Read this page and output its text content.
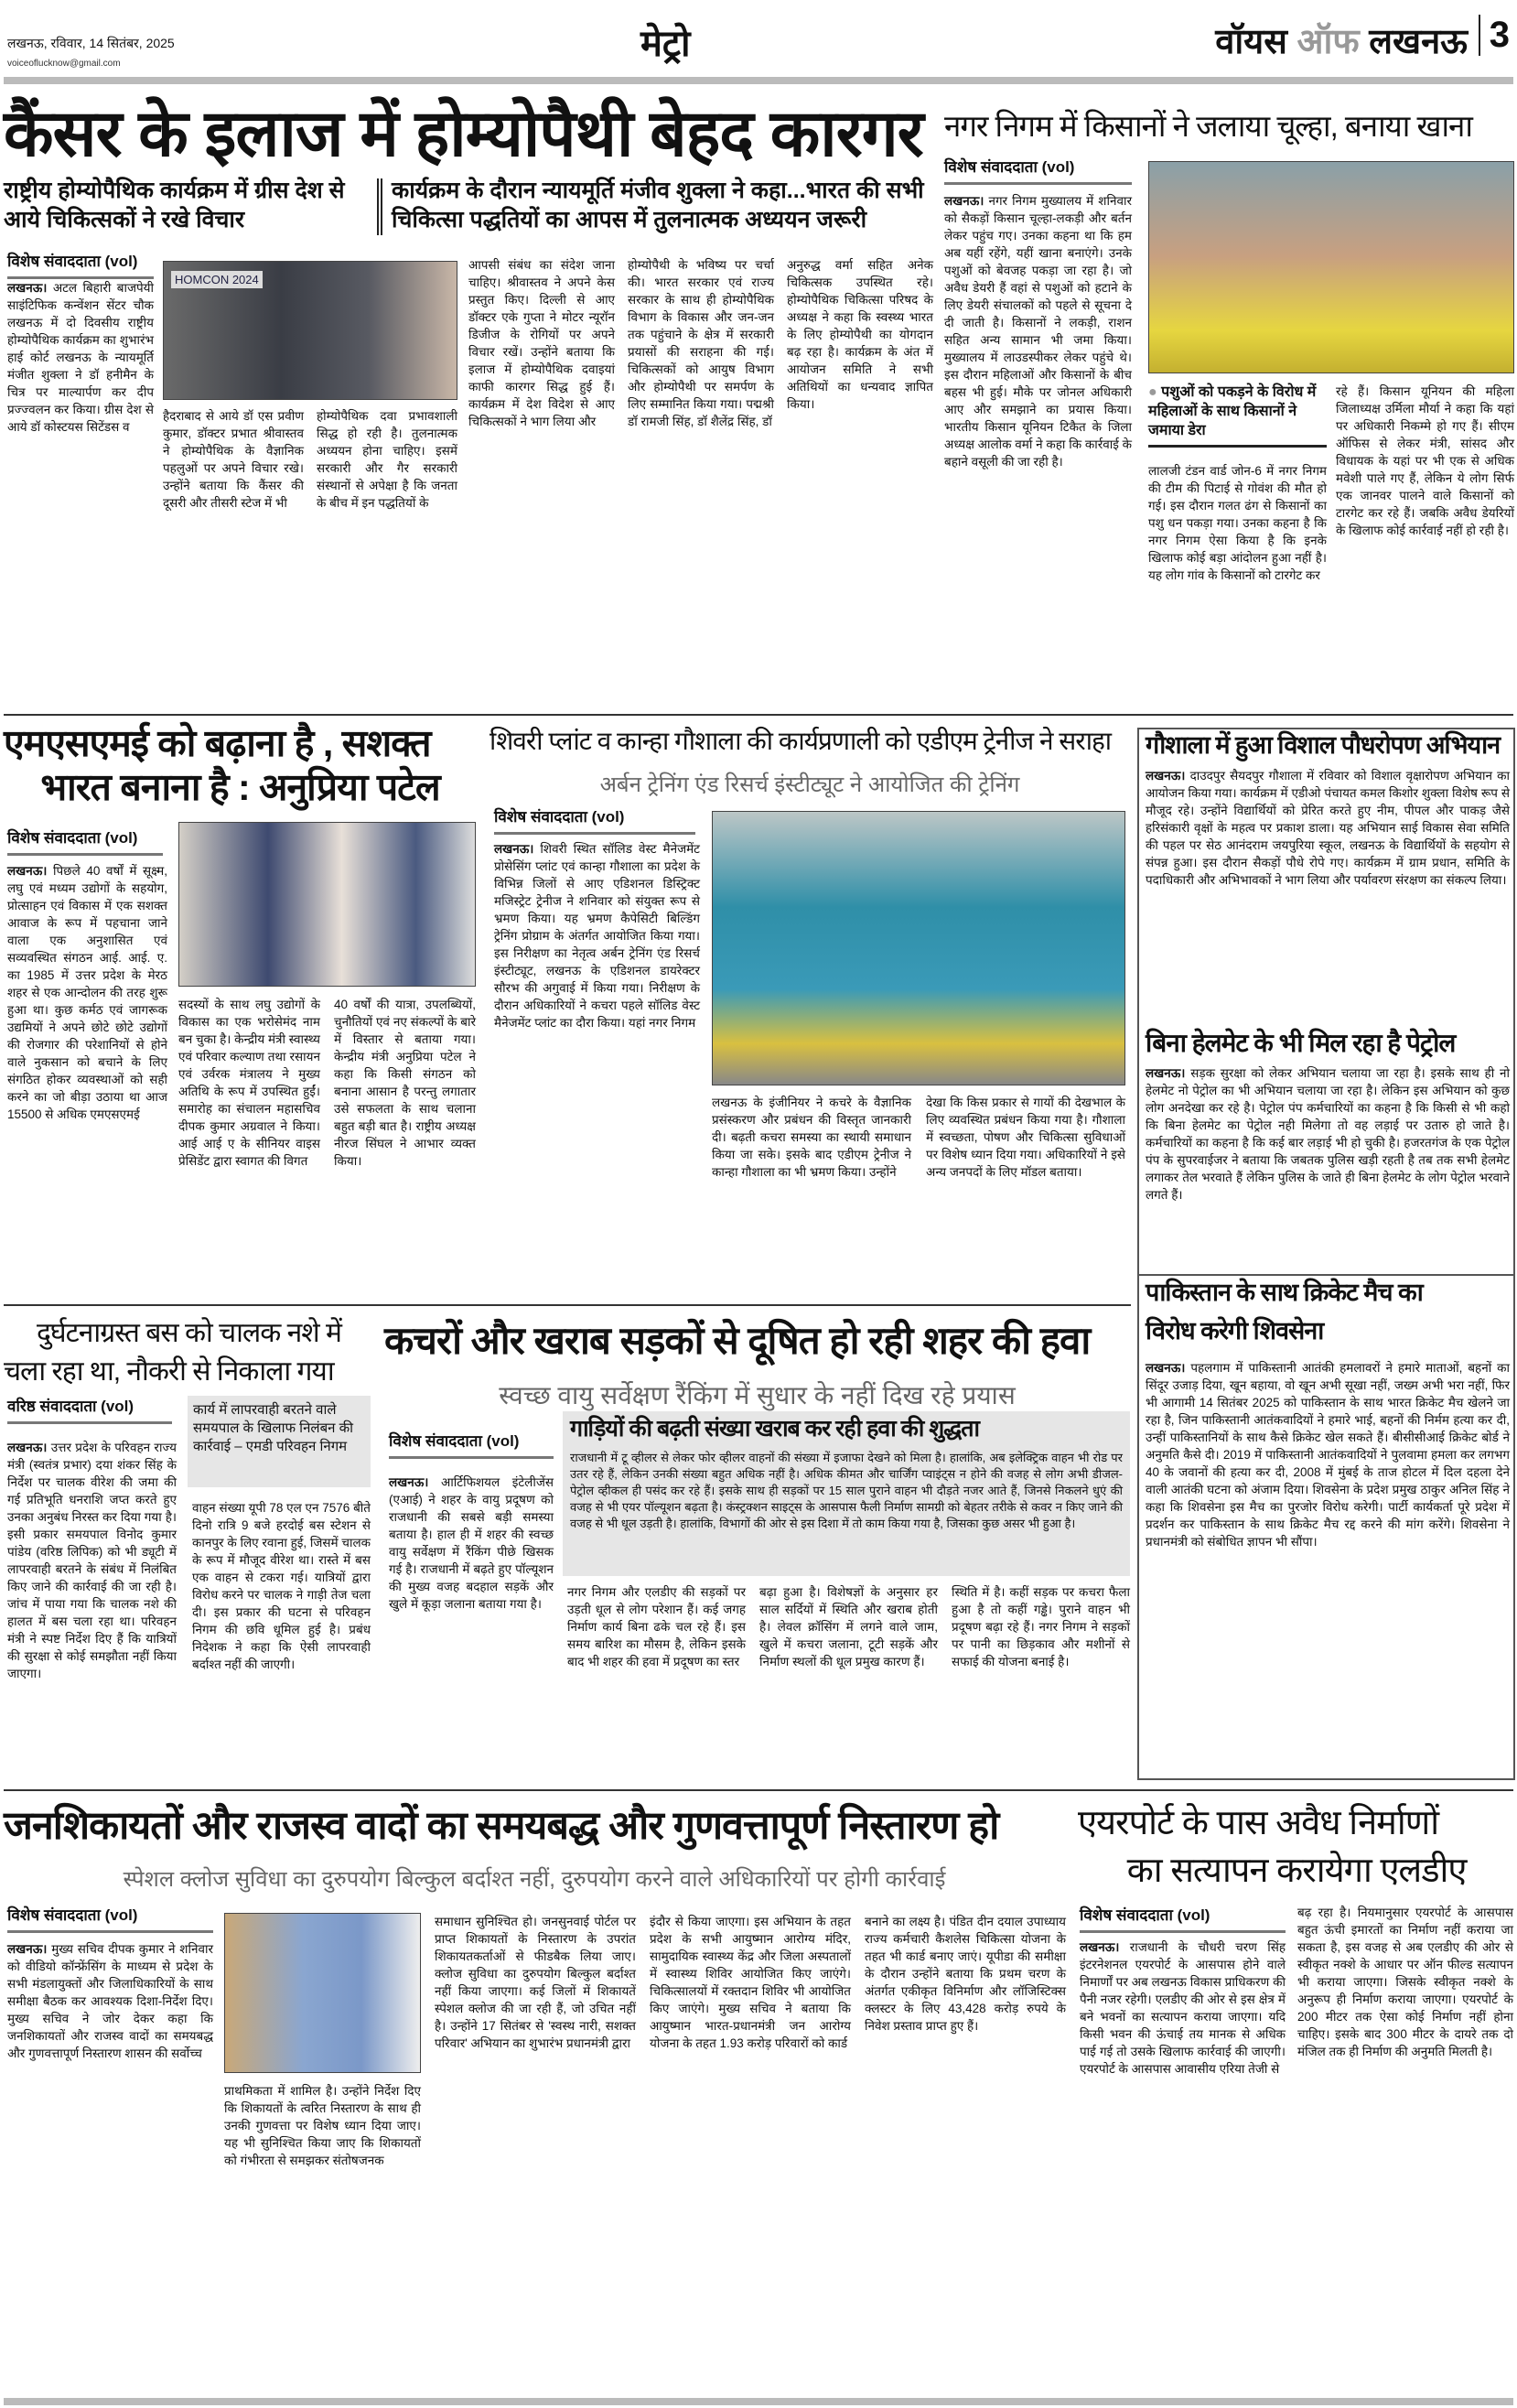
लखनऊ, रविवार, 14 सितंबर, 2025
voiceoflucknow@gmail.com	मेट्रो	वॉयस ऑफ लखनऊ 3
कैंसर के इलाज में होम्योपैथी बेहद कारगर
राष्ट्रीय होम्योपैथिक कार्यक्रम में ग्रीस देश से आये चिकित्सकों ने रखे विचार
कार्यक्रम के दौरान न्यायमूर्ति मंजीव शुक्ला ने कहा...भारत की सभी चिकित्सा पद्धतियों का आपस में तुलनात्मक अध्ययन जरूरी
विशेष संवाददाता (vol)
HOMCON 2024
लखनऊ। अटल बिहारी बाजपेयी साइंटिफिक कन्वेंशन सेंटर चौक लखनऊ में दो दिवसीय राष्ट्रीय होम्योपैथिक कार्यक्रम का शुभारंभ हाई कोर्ट लखनऊ के न्यायमूर्ति मंजीत शुक्ला ने डॉ हनीमैन के चित्र पर माल्यार्पण कर दीप प्रज्ज्वलन कर किया। ग्रीस देश से आये डॉ कोस्टयस सिटेंडस व
हैदराबाद से आये डॉ एस प्रवीण कुमार, डॉक्टर प्रभात श्रीवास्तव ने होम्योपैथिक के वैज्ञानिक पहलुओं पर अपने विचार रखे। उन्होंने बताया कि कैंसर की दूसरी और तीसरी स्टेज में भी
होम्योपैथिक दवा प्रभावशाली सिद्ध हो रही है। तुलनात्मक अध्ययन होना चाहिए। इसमें सरकारी और गैर सरकारी संस्थानों से अपेक्षा है कि जनता के बीच में इन पद्धतियों के
आपसी संबंध का संदेश जाना चाहिए। श्रीवास्तव ने अपने केस प्रस्तुत किए। दिल्ली से आए डॉक्टर एके गुप्ता ने मोटर न्यूरॉन डिजीज के रोगियों पर अपने विचार रखें। उन्होंने बताया कि इलाज में होम्योपैथिक दवाइयां काफी कारगर सिद्ध हुई हैं। कार्यक्रम में देश विदेश से आए चिकित्सकों ने भाग लिया और
होम्योपैथी के भविष्य पर चर्चा की। भारत सरकार एवं राज्य सरकार के साथ ही होम्योपैथिक विभाग के विकास और जन-जन तक पहुंचाने के क्षेत्र में सरकारी प्रयासों की सराहना की गई। चिकित्सकों को आयुष विभाग और होम्योपैथी पर समर्पण के लिए सम्मानित किया गया। पद्मश्री डॉ रामजी सिंह, डॉ शैलेंद्र सिंह, डॉ
अनुरुद्ध वर्मा सहित अनेक चिकित्सक उपस्थित रहे। होम्योपैथिक चिकित्सा परिषद के अध्यक्ष ने कहा कि स्वस्थ्य भारत के लिए होम्योपैथी का योगदान बढ़ रहा है। कार्यक्रम के अंत में आयोजन समिति ने सभी अतिथियों का धन्यवाद ज्ञापित किया।
नगर निगम में किसानों ने जलाया चूल्हा, बनाया खाना
विशेष संवाददाता (vol)
लखनऊ। नगर निगम मुख्यालय में शनिवार को सैकड़ों किसान चूल्हा-लकड़ी और बर्तन लेकर पहुंच गए। उनका कहना था कि हम अब यहीं रहेंगे, यहीं खाना बनाएंगे। उनके पशुओं को बेवजह पकड़ा जा रहा है। जो अवैध डेयरी हैं वहां से पशुओं को हटाने के लिए डेयरी संचालकों को पहले से सूचना दे दी जाती है। किसानों ने लकड़ी, राशन सहित अन्य सामान भी जमा किया। मुख्यालय में लाउडस्पीकर लेकर पहुंचे थे। इस दौरान महिलाओं और किसानों के बीच बहस भी हुई। मौके पर जोनल अधिकारी आए और समझाने का प्रयास किया। भारतीय किसान यूनियन टिकैत के जिला अध्यक्ष आलोक वर्मा ने कहा कि कार्रवाई के बहाने वसूली की जा रही है।
● पशुओं को पकड़ने के विरोध में महिलाओं के साथ किसानों ने जमाया डेरा
लालजी टंडन वार्ड जोन-6 में नगर निगम की टीम की पिटाई से गोवंश की मौत हो गई। इस दौरान गलत ढंग से किसानों का पशु धन पकड़ा गया। उनका कहना है कि नगर निगम ऐसा किया है कि इनके खिलाफ कोई बड़ा आंदोलन हुआ नहीं है। यह लोग गांव के किसानों को टारगेट कर
रहे हैं। किसान यूनियन की महिला जिलाध्यक्ष उर्मिला मौर्या ने कहा कि यहां पर अधिकारी निकम्मे हो गए हैं। सीएम ऑफिस से लेकर मंत्री, सांसद और विधायक के यहां पर भी एक से अधिक मवेशी पाले गए हैं, लेकिन ये लोग सिर्फ एक जानवर पालने वाले किसानों को टारगेट कर रहे हैं। जबकि अवैध डेयरियों के खिलाफ कोई कार्रवाई नहीं हो रही है।
एमएसएमई को बढ़ाना है , सशक्त
भारत बनाना है : अनुप्रिया पटेल
विशेष संवाददाता (vol)
लखनऊ। पिछले 40 वर्षों में सूक्ष्म, लघु एवं मध्यम उद्योगों के सहयोग, प्रोत्साहन एवं विकास में एक सशक्त आवाज के रूप में पहचाना जाने वाला एक अनुशासित एवं सव्यवस्थित संगठन आई. आई. ए. का 1985 में उत्तर प्रदेश के मेरठ शहर से एक आन्दोलन की तरह शुरू हुआ था। कुछ कर्मठ एवं जागरूक उद्यमियों ने अपने छोटे छोटे उद्योगों की रोजगार की परेशानियों से होने वाले नुकसान को बचाने के लिए संगठित होकर व्यवस्थाओं को सही करने का जो बीड़ा उठाया था आज 15500 से अधिक एमएसएमई
सदस्यों के साथ लघु उद्योगों के विकास का एक भरोसेमंद नाम बन चुका है। केन्द्रीय मंत्री स्वास्थ्य एवं परिवार कल्याण तथा रसायन एवं उर्वरक मंत्रालय ने मुख्य अतिथि के रूप में उपस्थित हुईं। समारोह का संचालन महासचिव दीपक कुमार अग्रवाल ने किया। आई आई ए के सीनियर वाइस प्रेसिडेंट द्वारा स्वागत की विगत
40 वर्षों की यात्रा, उपलब्धियों, चुनौतियों एवं नए संकल्पों के बारे में विस्तार से बताया गया। केन्द्रीय मंत्री अनुप्रिया पटेल ने कहा कि किसी संगठन को बनाना आसान है परन्तु लगातार उसे सफलता के साथ चलाना बहुत बड़ी बात है। राष्ट्रीय अध्यक्ष नीरज सिंघल ने आभार व्यक्त किया।
शिवरी प्लांट व कान्हा गौशाला की कार्यप्रणाली को एडीएम ट्रेनीज ने सराहा
अर्बन ट्रेनिंग एंड रिसर्च इंस्टीट्यूट ने आयोजित की ट्रेनिंग
विशेष संवाददाता (vol)
लखनऊ। शिवरी स्थित सॉलिड वेस्ट मैनेजमेंट प्रोसेसिंग प्लांट एवं कान्हा गौशाला का प्रदेश के विभिन्न जिलों से आए एडिशनल डिस्ट्रिक्ट मजिस्ट्रेट ट्रेनीज ने शनिवार को संयुक्त रूप से भ्रमण किया। यह भ्रमण कैपेसिटी बिल्डिंग ट्रेनिंग प्रोग्राम के अंतर्गत आयोजित किया गया। इस निरीक्षण का नेतृत्व अर्बन ट्रेनिंग एंड रिसर्च इंस्टीट्यूट, लखनऊ के एडिशनल डायरेक्टर सौरभ की अगुवाई में किया गया। निरीक्षण के दौरान अधिकारियों ने कचरा पहले सॉलिड वेस्ट मैनेजमेंट प्लांट का दौरा किया। यहां नगर निगम
लखनऊ के इंजीनियर ने कचरे के वैज्ञानिक प्रसंस्करण और प्रबंधन की विस्तृत जानकारी दी। बढ़ती कचरा समस्या का स्थायी समाधान किया जा सके। इसके बाद एडीएम ट्रेनीज ने कान्हा गौशाला का भी भ्रमण किया। उन्होंने
देखा कि किस प्रकार से गायों की देखभाल के लिए व्यवस्थित प्रबंधन किया गया है। गौशाला में स्वच्छता, पोषण और चिकित्सा सुविधाओं पर विशेष ध्यान दिया गया। अधिकारियों ने इसे अन्य जनपदों के लिए मॉडल बताया।
गौशाला में हुआ विशाल पौधरोपण अभियान
लखनऊ। दाउदपुर सैयदपुर गौशाला में रविवार को विशाल वृक्षारोपण अभियान का आयोजन किया गया। कार्यक्रम में एडीओ पंचायत कमल किशोर शुक्ला विशेष रूप से मौजूद रहे। उन्होंने विद्यार्थियों को प्रेरित करते हुए नीम, पीपल और पाकड़ जैसे हरिसंकारी वृक्षों के महत्व पर प्रकाश डाला। यह अभियान साई विकास सेवा समिति की पहल पर सेठ आनंदराम जयपुरिया स्कूल, लखनऊ के विद्यार्थियों के सहयोग से संपन्न हुआ। इस दौरान सैकड़ों पौधे रोपे गए। कार्यक्रम में ग्राम प्रधान, समिति के पदाधिकारी और अभिभावकों ने भाग लिया और पर्यावरण संरक्षण का संकल्प लिया।
बिना हेलमेट के भी मिल रहा है पेट्रोल
लखनऊ। सड़क सुरक्षा को लेकर अभियान चलाया जा रहा है। इसके साथ ही नो हेलमेट नो पेट्रोल का भी अभियान चलाया जा रहा है। लेकिन इस अभियान को कुछ लोग अनदेखा कर रहे है। पेट्रोल पंप कर्मचारियों का कहना है कि किसी से भी कहो कि बिना हेलमेट का पेट्रोल नही मिलेगा तो वह लड़ाई पर उतारु हो जाते है। कर्मचारियों का कहना है कि कई बार लड़ाई भी हो चुकी है। हजरतगंज के एक पेट्रोल पंप के सुपरवाईजर ने बताया कि जबतक पुलिस खड़ी रहती है तब तक सभी हेलमेट लगाकर तेल भरवाते हैं लेकिन पुलिस के जाते ही बिना हेलमेट के लोग पेट्रोल भरवाने लगते हैं।
पाकिस्तान के साथ क्रिकेट मैच का
विरोध करेगी शिवसेना
लखनऊ। पहलगाम में पाकिस्तानी आतंकी हमलावरों ने हमारे माताओं, बहनों का सिंदूर उजाड़ दिया, खून बहाया, वो खून अभी सूखा नहीं, जख्म अभी भरा नहीं, फिर भी आगामी 14 सितंबर 2025 को पाकिस्तान के साथ भारत क्रिकेट मैच खेलने जा रहा है, जिन पाकिस्तानी आतंकवादियों ने हमारे भाई, बहनों की निर्मम हत्या कर दी, उन्हीं पाकिस्तानियों के साथ कैसे क्रिकेट खेल सकते हैं। बीसीसीआई क्रिकेट बोर्ड ने अनुमति कैसे दी। 2019 में पाकिस्तानी आतंकवादियों ने पुलवामा हमला कर लगभग 40 के जवानों की हत्या कर दी, 2008 में मुंबई के ताज होटल में दिल दहला देने वाली आतंकी घटना को अंजाम दिया। शिवसेना के प्रदेश प्रमुख ठाकुर अनिल सिंह ने कहा कि शिवसेना इस मैच का पुरजोर विरोध करेगी। पार्टी कार्यकर्ता पूरे प्रदेश में प्रदर्शन कर पाकिस्तान के साथ क्रिकेट मैच रद्द करने की मांग करेंगे। शिवसेना ने प्रधानमंत्री को संबोधित ज्ञापन भी सौंपा।
दुर्घटनाग्रस्त बस को चालक नशे में
चला रहा था, नौकरी से निकाला गया
वरिष्ठ संवाददाता (vol)	कार्य में लापरवाही बरतने वाले समयपाल के खिलाफ निलंबन की कार्रवाई – एमडी परिवहन निगम
लखनऊ। उत्तर प्रदेश के परिवहन राज्य मंत्री (स्वतंत्र प्रभार) दया शंकर सिंह के निर्देश पर चालक वीरेश की जमा की गई प्रतिभूति धनराशि जप्त करते हुए उनका अनुबंध निरस्त कर दिया गया है। इसी प्रकार समयपाल विनोद कुमार पांडेय (वरिष्ठ लिपिक) को भी ड्यूटी में लापरवाही बरतने के संबंध में निलंबित किए जाने की कार्रवाई की जा रही है। जांच में पाया गया कि चालक नशे की हालत में बस चला रहा था। परिवहन मंत्री ने स्पष्ट निर्देश दिए हैं कि यात्रियों की सुरक्षा से कोई समझौता नहीं किया जाएगा।
वाहन संख्या यूपी 78 एल एन 7576 बीते दिनो रात्रि 9 बजे हरदोई बस स्टेशन से कानपुर के लिए रवाना हुई, जिसमें चालक के रूप में मौजूद वीरेश था। रास्ते में बस एक वाहन से टकरा गई। यात्रियों द्वारा विरोध करने पर चालक ने गाड़ी तेज चला दी। इस प्रकार की घटना से परिवहन निगम की छवि धूमिल हुई है। प्रबंध निदेशक ने कहा कि ऐसी लापरवाही बर्दाश्त नहीं की जाएगी।
कचरों और खराब सड़कों से दूषित हो रही शहर की हवा
स्वच्छ वायु सर्वेक्षण रैंकिंग में सुधार के नहीं दिख रहे प्रयास
विशेष संवाददाता (vol)	गाड़ियों की बढ़ती संख्या खराब कर रही हवा की शुद्धता
राजधानी में टू व्हीलर से लेकर फोर व्हीलर वाहनों की संख्या में इजाफा देखने को मिला है। हालांकि, अब इलेक्ट्रिक वाहन भी रोड पर उतर रहे हैं, लेकिन उनकी संख्या बहुत अधिक नहीं है। अधिक कीमत और चार्जिंग प्वाइंट्स न होने की वजह से लोग अभी डीजल-पेट्रोल व्हीकल ही पसंद कर रहे हैं। इसके साथ ही सड़कों पर 15 साल पुराने वाहन भी दौड़ते नजर आते हैं, जिनसे निकलने धुएं की वजह से भी एयर पॉल्यूशन बढ़ता है। कंस्ट्रक्शन साइट्स के आसपास फैली निर्माण सामग्री को बेहतर तरीके से कवर न किए जाने की वजह से भी धूल उड़ती है। हालांकि, विभागों की ओर से इस दिशा में तो काम किया गया है, जिसका कुछ असर भी हुआ है।
लखनऊ। आर्टिफिशयल इंटेलीजेंस (एआई) ने शहर के वायु प्रदूषण को राजधानी की सबसे बड़ी समस्या बताया है। हाल ही में शहर की स्वच्छ वायु सर्वेक्षण में रैंकिंग पीछे खिसक गई है। राजधानी में बढ़ते हुए पॉल्यूशन की मुख्य वजह बदहाल सड़कें और खुले में कूड़ा जलाना बताया गया है।
नगर निगम और एलडीए की सड़कों पर उड़ती धूल से लोग परेशान हैं। कई जगह निर्माण कार्य बिना ढके चल रहे हैं। इस समय बारिश का मौसम है, लेकिन इसके बाद भी शहर की हवा में प्रदूषण का स्तर
बढ़ा हुआ है। विशेषज्ञों के अनुसार हर साल सर्दियों में स्थिति और खराब होती है। लेवल क्रॉसिंग में लगने वाले जाम, खुले में कचरा जलाना, टूटी सड़कें और निर्माण स्थलों की धूल प्रमुख कारण हैं।
स्थिति में है। कहीं सड़क पर कचरा फैला हुआ है तो कहीं गड्ढे। पुराने वाहन भी प्रदूषण बढ़ा रहे हैं। नगर निगम ने सड़कों पर पानी का छिड़काव और मशीनों से सफाई की योजना बनाई है।
जनशिकायतों और राजस्व वादों का समयबद्ध और गुणवत्तापूर्ण निस्तारण हो
स्पेशल क्लोज सुविधा का दुरुपयोग बिल्कुल बर्दाश्त नहीं, दुरुपयोग करने वाले अधिकारियों पर होगी कार्रवाई
विशेष संवाददाता (vol)
लखनऊ। मुख्य सचिव दीपक कुमार ने शनिवार को वीडियो कॉन्फ्रेंसिंग के माध्यम से प्रदेश के सभी मंडलायुक्तों और जिलाधिकारियों के साथ समीक्षा बैठक कर आवश्यक दिशा-निर्देश दिए। मुख्य सचिव ने जोर देकर कहा कि जनशिकायतों और राजस्व वादों का समयबद्ध और गुणवत्तापूर्ण निस्तारण शासन की सर्वोच्च
प्राथमिकता में शामिल है। उन्होंने निर्देश दिए कि शिकायतों के त्वरित निस्तारण के साथ ही उनकी गुणवत्ता पर विशेष ध्यान दिया जाए। यह भी सुनिश्चित किया जाए कि शिकायतों को गंभीरता से समझकर संतोषजनक
समाधान सुनिश्चित हो। जनसुनवाई पोर्टल पर प्राप्त शिकायतों के निस्तारण के उपरांत शिकायतकर्ताओं से फीडबैक लिया जाए। क्लोज सुविधा का दुरुपयोग बिल्कुल बर्दाश्त नहीं किया जाएगा। कई जिलों में शिकायतें स्पेशल क्लोज की जा रही हैं, जो उचित नहीं है। उन्होंने 17 सितंबर से 'स्वस्थ नारी, सशक्त परिवार' अभियान का शुभारंभ प्रधानमंत्री द्वारा
इंदौर से किया जाएगा। इस अभियान के तहत प्रदेश के सभी आयुष्मान आरोग्य मंदिर, सामुदायिक स्वास्थ्य केंद्र और जिला अस्पतालों में स्वास्थ्य शिविर आयोजित किए जाएंगे। चिकित्सालयों में रक्तदान शिविर भी आयोजित किए जाएंगे। मुख्य सचिव ने बताया कि आयुष्मान भारत-प्रधानमंत्री जन आरोग्य योजना के तहत 1.93 करोड़ परिवारों को कार्ड
बनाने का लक्ष्य है। पंडित दीन दयाल उपाध्याय राज्य कर्मचारी कैशलेस चिकित्सा योजना के तहत भी कार्ड बनाए जाएं। यूपीडा की समीक्षा के दौरान उन्होंने बताया कि प्रथम चरण के अंतर्गत एकीकृत विनिर्माण और लॉजिस्टिक्स क्लस्टर के लिए 43,428 करोड़ रुपये के निवेश प्रस्ताव प्राप्त हुए हैं।
एयरपोर्ट के पास अवैध निर्माणों
का सत्यापन करायेगा एलडीए
विशेष संवाददाता (vol)
लखनऊ। राजधानी के चौधरी चरण सिंह इंटरनेशनल एयरपोर्ट के आसपास होने वाले निमार्णों पर अब लखनऊ विकास प्राधिकरण की पैनी नजर रहेगी। एलडीए की ओर से इस क्षेत्र में बने भवनों का सत्यापन कराया जाएगा। यदि किसी भवन की ऊंचाई तय मानक से अधिक पाई गई तो उसके खिलाफ कार्रवाई की जाएगी। एयरपोर्ट के आसपास आवासीय एरिया तेजी से
बढ़ रहा है। नियमानुसार एयरपोर्ट के आसपास बहुत ऊंची इमारतों का निर्माण नहीं कराया जा सकता है, इस वजह से अब एलडीए की ओर से स्वीकृत नक्शे के आधार पर ऑन फील्ड सत्यापन भी कराया जाएगा। जिसके स्वीकृत नक्शे के अनुरूप ही निर्माण कराया जाएगा। एयरपोर्ट के 200 मीटर तक ऐसा कोई निर्माण नहीं होना चाहिए। इसके बाद 300 मीटर के दायरे तक दो मंजिल तक ही निर्माण की अनुमति मिलती है।
